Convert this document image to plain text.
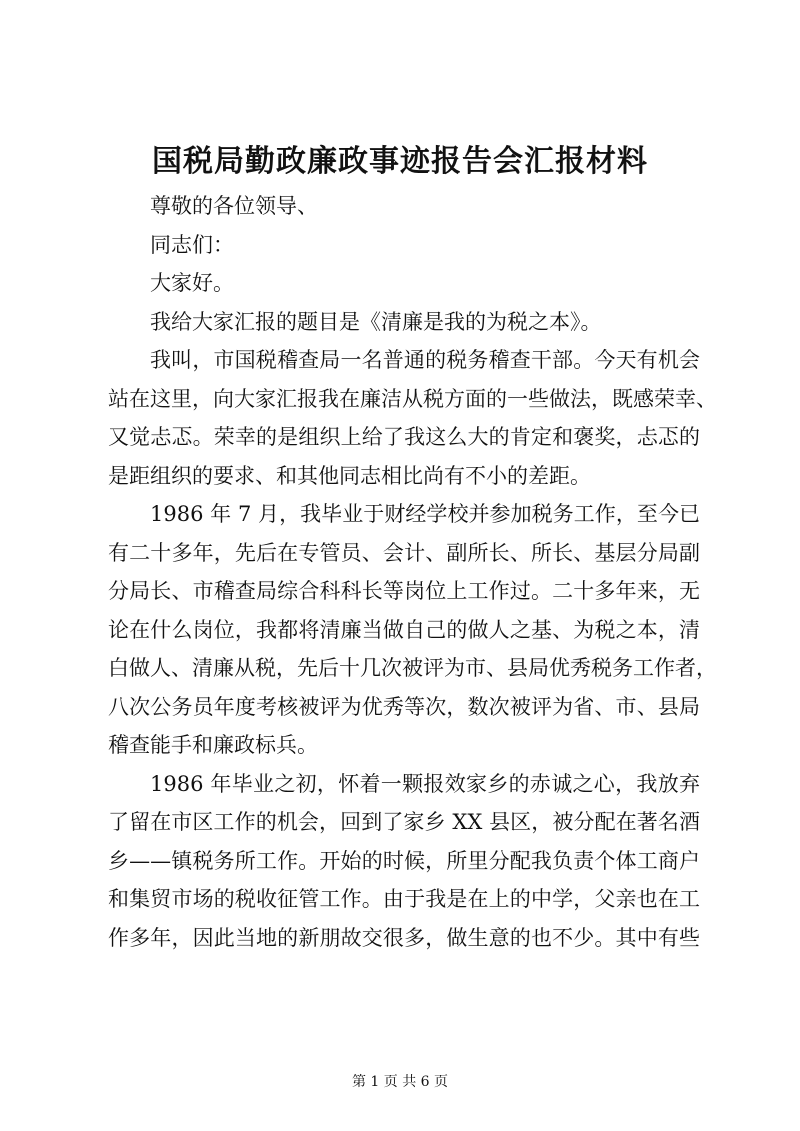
国税局勤政廉政事迹报告会汇报材料

尊敬的各位领导、

同志们：

大家好。

我给大家汇报的题目是《清廉是我的为税之本》。

我叫，市国税稽查局一名普通的税务稽查干部。今天有机会
站在这里，向大家汇报我在廉洁从税方面的一些做法，既感荣幸、
又觉忐忑。荣幸的是组织上给了我这么大的肯定和褒奖，忐忑的
是距组织的要求、和其他同志相比尚有不小的差距。

1986 年 7 月，我毕业于财经学校并参加税务工作，至今已
有二十多年，先后在专管员、会计、副所长、所长、基层分局副
分局长、市稽查局综合科科长等岗位上工作过。二十多年来，无
论在什么岗位，我都将清廉当做自己的做人之基、为税之本，清
白做人、清廉从税，先后十几次被评为市、县局优秀税务工作者，
八次公务员年度考核被评为优秀等次，数次被评为省、市、县局
稽查能手和廉政标兵。

1986 年毕业之初，怀着一颗报效家乡的赤诚之心，我放弃
了留在市区工作的机会，回到了家乡 XX 县区，被分配在著名酒
乡——镇税务所工作。开始的时候，所里分配我负责个体工商户
和集贸市场的税收征管工作。由于我是在上的中学，父亲也在工
作多年，因此当地的新朋故交很多，做生意的也不少。其中有些

第 1 页 共 6 页
